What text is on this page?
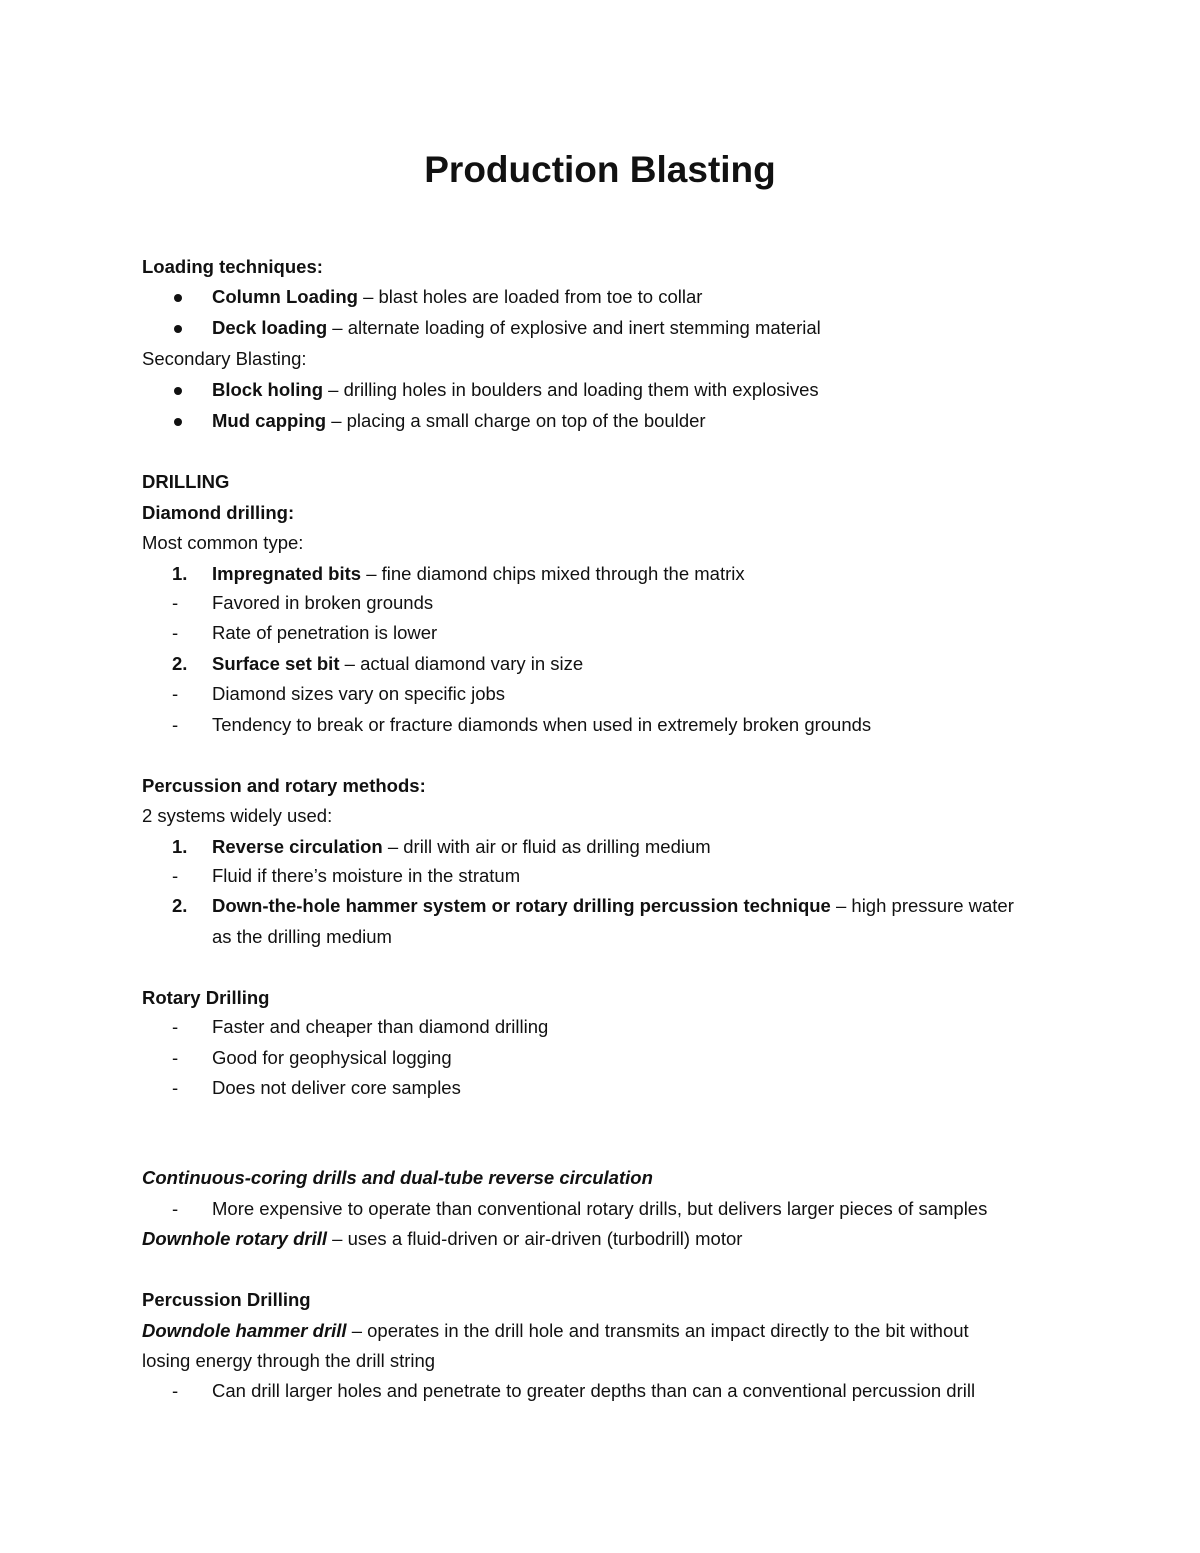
Production Blasting
Loading techniques:
Column Loading – blast holes are loaded from toe to collar
Deck loading – alternate loading of explosive and inert stemming material
Secondary Blasting:
Block holing – drilling holes in boulders and loading them with explosives
Mud capping – placing a small charge on top of the boulder
DRILLING
Diamond drilling:
Most common type:
1.	Impregnated bits – fine diamond chips mixed through the matrix
-	Favored in broken grounds
-	Rate of penetration is lower
2.	Surface set bit – actual diamond vary in size
-	Diamond sizes vary on specific jobs
-	Tendency to break or fracture diamonds when used in extremely broken grounds
Percussion and rotary methods:
2 systems widely used:
1.	Reverse circulation – drill with air or fluid as drilling medium
-	Fluid if there’s moisture in the stratum
2.	Down-the-hole hammer system or rotary drilling percussion technique – high pressure water
as the drilling medium
Rotary Drilling
-	Faster and cheaper than diamond drilling
-	Good for geophysical logging
-	Does not deliver core samples
Continuous-coring drills and dual-tube reverse circulation
-	More expensive to operate than conventional rotary drills, but delivers larger pieces of samples
Downhole rotary drill – uses a fluid-driven or air-driven (turbodrill) motor
Percussion Drilling
Downdole hammer drill – operates in the drill hole and transmits an impact directly to the bit without
losing energy through the drill string
-	Can drill larger holes and penetrate to greater depths than can a conventional percussion drill
